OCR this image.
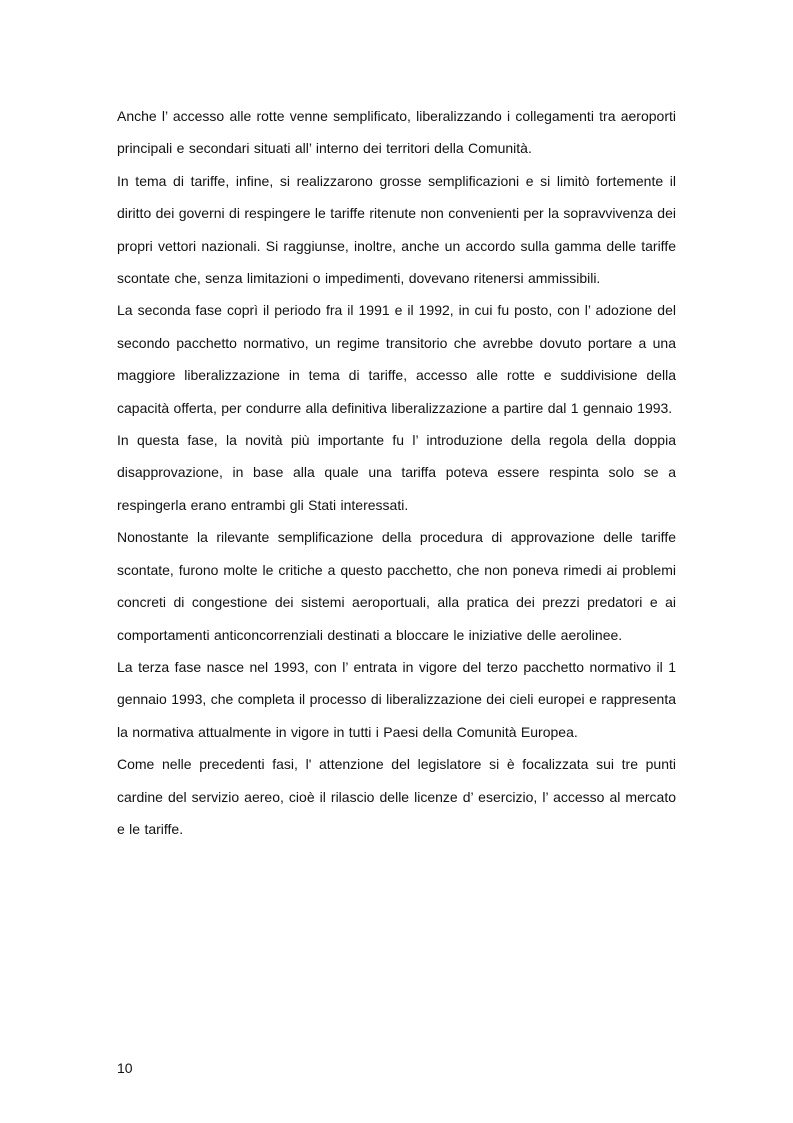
Anche l’ accesso alle rotte venne semplificato, liberalizzando i collegamenti tra aeroporti principali e secondari situati all’ interno dei territori della Comunità.

In tema di tariffe, infine, si realizzarono grosse semplificazioni e si limitò fortemente il diritto dei governi di respingere le tariffe ritenute non convenienti per la sopravvivenza dei propri vettori nazionali. Si raggiunse, inoltre, anche un accordo sulla gamma delle tariffe scontate che, senza limitazioni o impedimenti, dovevano ritenersi ammissibili.

La seconda fase coprì il periodo fra il 1991 e il 1992, in cui fu posto, con l’ adozione del secondo pacchetto normativo, un regime transitorio che avrebbe dovuto portare a una maggiore liberalizzazione in tema di tariffe, accesso alle rotte e suddivisione della capacità offerta, per condurre alla definitiva liberalizzazione a partire dal 1 gennaio 1993.

In questa fase, la novità più importante fu l’ introduzione della regola della doppia disapprovazione, in base alla quale una tariffa poteva essere respinta solo se a respingerla erano entrambi gli Stati interessati.

Nonostante la rilevante semplificazione della procedura di approvazione delle tariffe scontate, furono molte le critiche a questo pacchetto, che non poneva rimedi ai problemi concreti di congestione dei sistemi aeroportuali, alla pratica dei prezzi predatori e ai comportamenti anticoncorrenziali destinati a bloccare le iniziative delle aerolinee.

La terza fase nasce nel 1993, con l’ entrata in vigore del terzo pacchetto normativo il 1 gennaio 1993, che completa il processo di liberalizzazione dei cieli europei e rappresenta la normativa attualmente in vigore in tutti i Paesi della Comunità Europea.

Come nelle precedenti fasi, l' attenzione del legislatore si è focalizzata sui tre punti cardine del servizio aereo, cioè il rilascio delle licenze d’ esercizio, l’ accesso al mercato e le tariffe.

10
